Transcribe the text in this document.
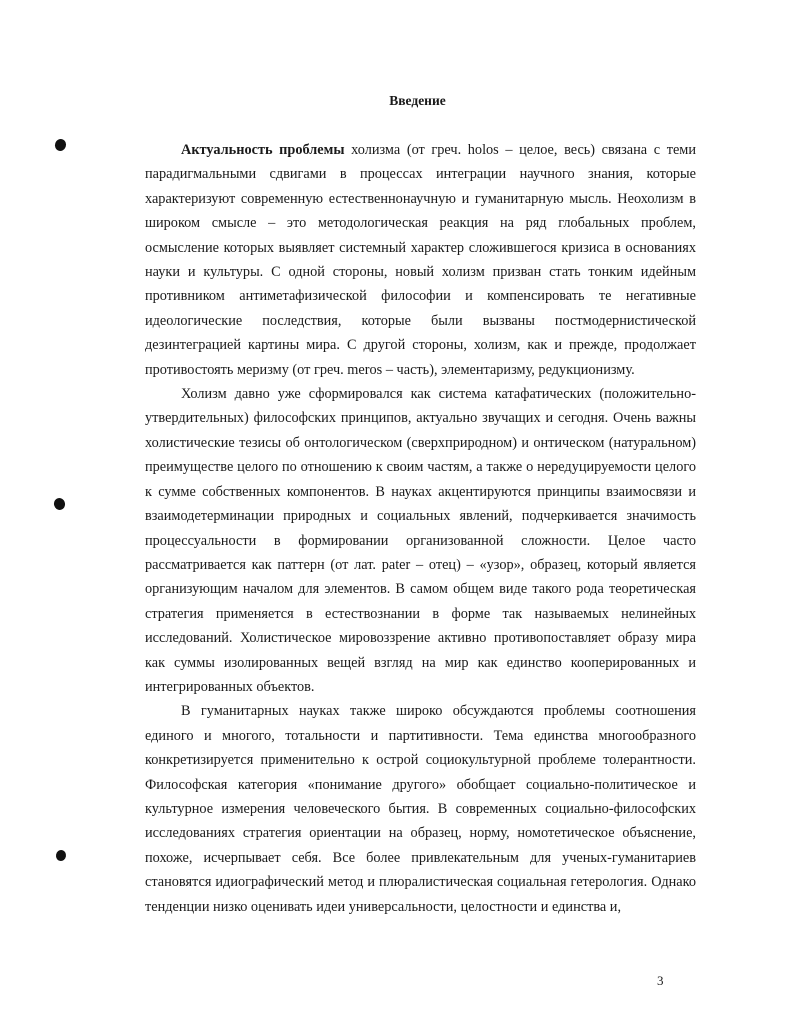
Введение

Актуальность проблемы холизма (от греч. holos – целое, весь) связана с теми парадигмальными сдвигами в процессах интеграции научного знания, которые характеризуют современную естественнонаучную и гуманитарную мысль. Неохолизм в широком смысле – это методологическая реакция на ряд глобальных проблем, осмысление которых выявляет системный характер сложившегося кризиса в основаниях науки и культуры. С одной стороны, новый холизм призван стать тонким идейным противником антиметафизической философии и компенсировать те негативные идеологические последствия, которые были вызваны постмодернистической дезинтеграцией картины мира. С другой стороны, холизм, как и прежде, продолжает противостоять меризму (от греч. meros – часть), элементаризму, редукционизму.

Холизм давно уже сформировался как система катафатических (положительно-утвердительных) философских принципов, актуально звучащих и сегодня. Очень важны холистические тезисы об онтологическом (сверхприродном) и онтическом (натуральном) преимуществе целого по отношению к своим частям, а также о нередуцируемости целого к сумме собственных компонентов. В науках акцентируются принципы взаимосвязи и взаимодетерминации природных и социальных явлений, подчеркивается значимость процессуальности в формировании организованной сложности. Целое часто рассматривается как паттерн (от лат. pater – отец) – «узор», образец, который является организующим началом для элементов. В самом общем виде такого рода теоретическая стратегия применяется в естествознании в форме так называемых нелинейных исследований. Холистическое мировоззрение активно противопоставляет образу мира как суммы изолированных вещей взгляд на мир как единство кооперированных и интегрированных объектов.

В гуманитарных науках также широко обсуждаются проблемы соотношения единого и многого, тотальности и партитивности. Тема единства многообразного конкретизируется применительно к острой социокультурной проблеме толерантности. Философская категория «понимание другого» обобщает социально-политическое и культурное измерения человеческого бытия. В современных социально-философских исследованиях стратегия ориентации на образец, норму, номотетическое объяснение, похоже, исчерпывает себя. Все более привлекательным для ученых-гуманитариев становятся идиографический метод и плюралистическая социальная гетерология. Однако тенденции низко оценивать идеи универсальности, целостности и единства и,

3
